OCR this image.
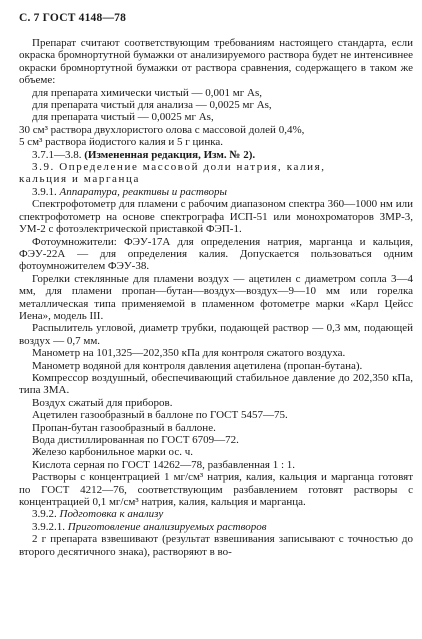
С. 7 ГОСТ 4148—78

Препарат считают соответствующим требованиям настоящего стандарта, если окраска бромнортутной бумажки от анализируемого раствора будет не интенсивнее окраски бромнортутной бумажки от раствора сравнения, содержащего в таком же объеме:

для препарата химически чистый — 0,001 мг As,
для препарата чистый для анализа — 0,0025 мг As,
для препарата чистый — 0,0025 мг As,
30 см³ раствора двухлористого олова с массовой долей 0,4%,
5 см³ раствора йодистого калия и 5 г цинка.

3.7.1—3.8. (Измененная редакция, Изм. № 2).

3.9. Определение массовой доли натрия, калия,
кальция и марганца

3.9.1. Аппаратура, реактивы и растворы

Спектрофотометр для пламени с рабочим диапазоном спектра 360—1000 нм или спектрофотометр на основе спектрографа ИСП-51 или монохроматоров ЗМР-3, УМ-2 с фотоэлектрической приставкой ФЭП-1.

Фотоумножители: ФЭУ-17А для определения натрия, марганца и кальция, ФЭУ-22А — для определения калия. Допускается пользоваться одним фотоумножителем ФЭУ-38.

Горелки стеклянные для пламени воздух — ацетилен с диаметром сопла 3—4 мм, для пламени пропан—бутан—воздух—воздух—9—10 мм или горелка металлическая типа применяемой в пламенном фотометре марки «Карл Цейсс Иена», модель III.

Распылитель угловой, диаметр трубки, подающей раствор — 0,3 мм, подающей воздух — 0,7 мм.

Манометр на 101,325—202,350 кПа для контроля сжатого воздуха.

Манометр водяной для контроля давления ацетилена (пропан-бутана).

Компрессор воздушный, обеспечивающий стабильное давление до 202,350 кПа, типа ЗМА.

Воздух сжатый для приборов.

Ацетилен газообразный в баллоне по ГОСТ 5457—75.

Пропан-бутан газообразный в баллоне.

Вода дистиллированная по ГОСТ 6709—72.

Железо карбонильное марки ос. ч.

Кислота серная по ГОСТ 14262—78, разбавленная 1 : 1.

Растворы с концентрацией 1 мг/см³ натрия, калия, кальция и марганца готовят по ГОСТ 4212—76, соответствующим разбавлением готовят растворы с концентрацией 0,1 мг/см³ натрия, калия, кальция и марганца.

3.9.2. Подготовка к анализу

3.9.2.1. Приготовление анализируемых растворов

2 г препарата взвешивают (результат взвешивания записывают с точностью до второго десятичного знака), растворяют в во-
